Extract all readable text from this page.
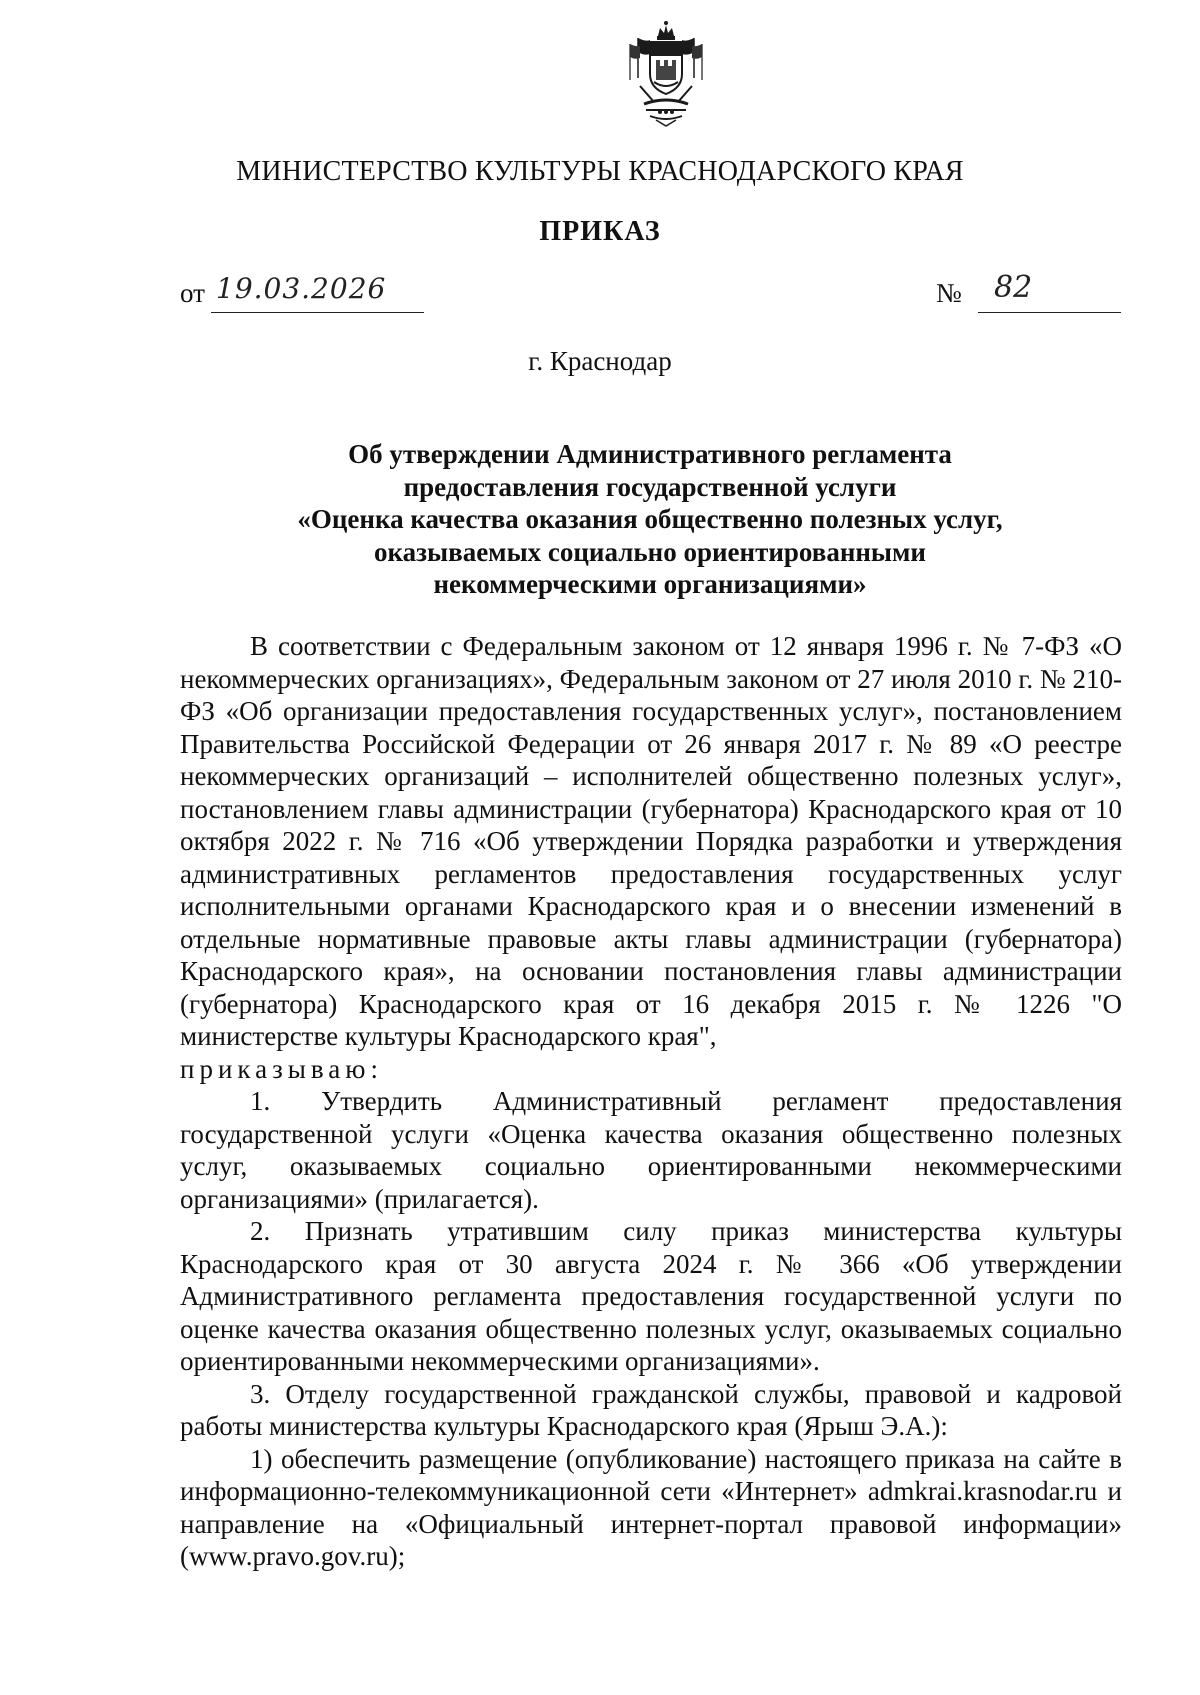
МИНИСТЕРСТВО КУЛЬТУРЫ КРАСНОДАРСКОГО КРАЯ
ПРИКАЗ
от 19.03.2026	№ 82
г. Краснодар
Об утверждении Административного регламента
предоставления государственной услуги
«Оценка качества оказания общественно полезных услуг,
оказываемых социально ориентированными
некоммерческими организациями»

В соответствии с Федеральным законом от 12 января 1996 г. № 7-ФЗ «О некоммерческих организациях», Федеральным законом от 27 июля 2010 г. № 210-ФЗ «Об организации предоставления государственных услуг», постановлением Правительства Российской Федерации от 26 января 2017 г. № 89 «О реестре некоммерческих организаций – исполнителей общественно полезных услуг», постановлением главы администрации (губернатора) Краснодарского края от 10 октября 2022 г. № 716 «Об утверждении Порядка разработки и утверждения административных регламентов предоставления государственных услуг исполнительными органами Краснодарского края и о внесении изменений в отдельные нормативные правовые акты главы администрации (губернатора) Краснодарского края», на основании постановления главы администрации (губернатора) Краснодарского края от 16 декабря 2015 г. № 1226 "О министерстве культуры Краснодарского края",

приказываю:

1. Утвердить Административный регламент предоставления государственной услуги «Оценка качества оказания общественно полезных услуг, оказываемых социально ориентированными некоммерческими организациями» (прилагается).

2. Признать утратившим силу приказ министерства культуры Краснодарского края от 30 августа 2024 г. № 366 «Об утверждении Административного регламента предоставления государственной услуги по оценке качества оказания общественно полезных услуг, оказываемых социально ориентированными некоммерческими организациями».

3. Отделу государственной гражданской службы, правовой и кадровой работы министерства культуры Краснодарского края (Ярыш Э.А.):

1) обеспечить размещение (опубликование) настоящего приказа на сайте в информационно-телекоммуникационной сети «Интернет» admkrai.krasnodar.ru и направление на «Официальный интернет-портал правовой информации» (www.pravo.gov.ru);
